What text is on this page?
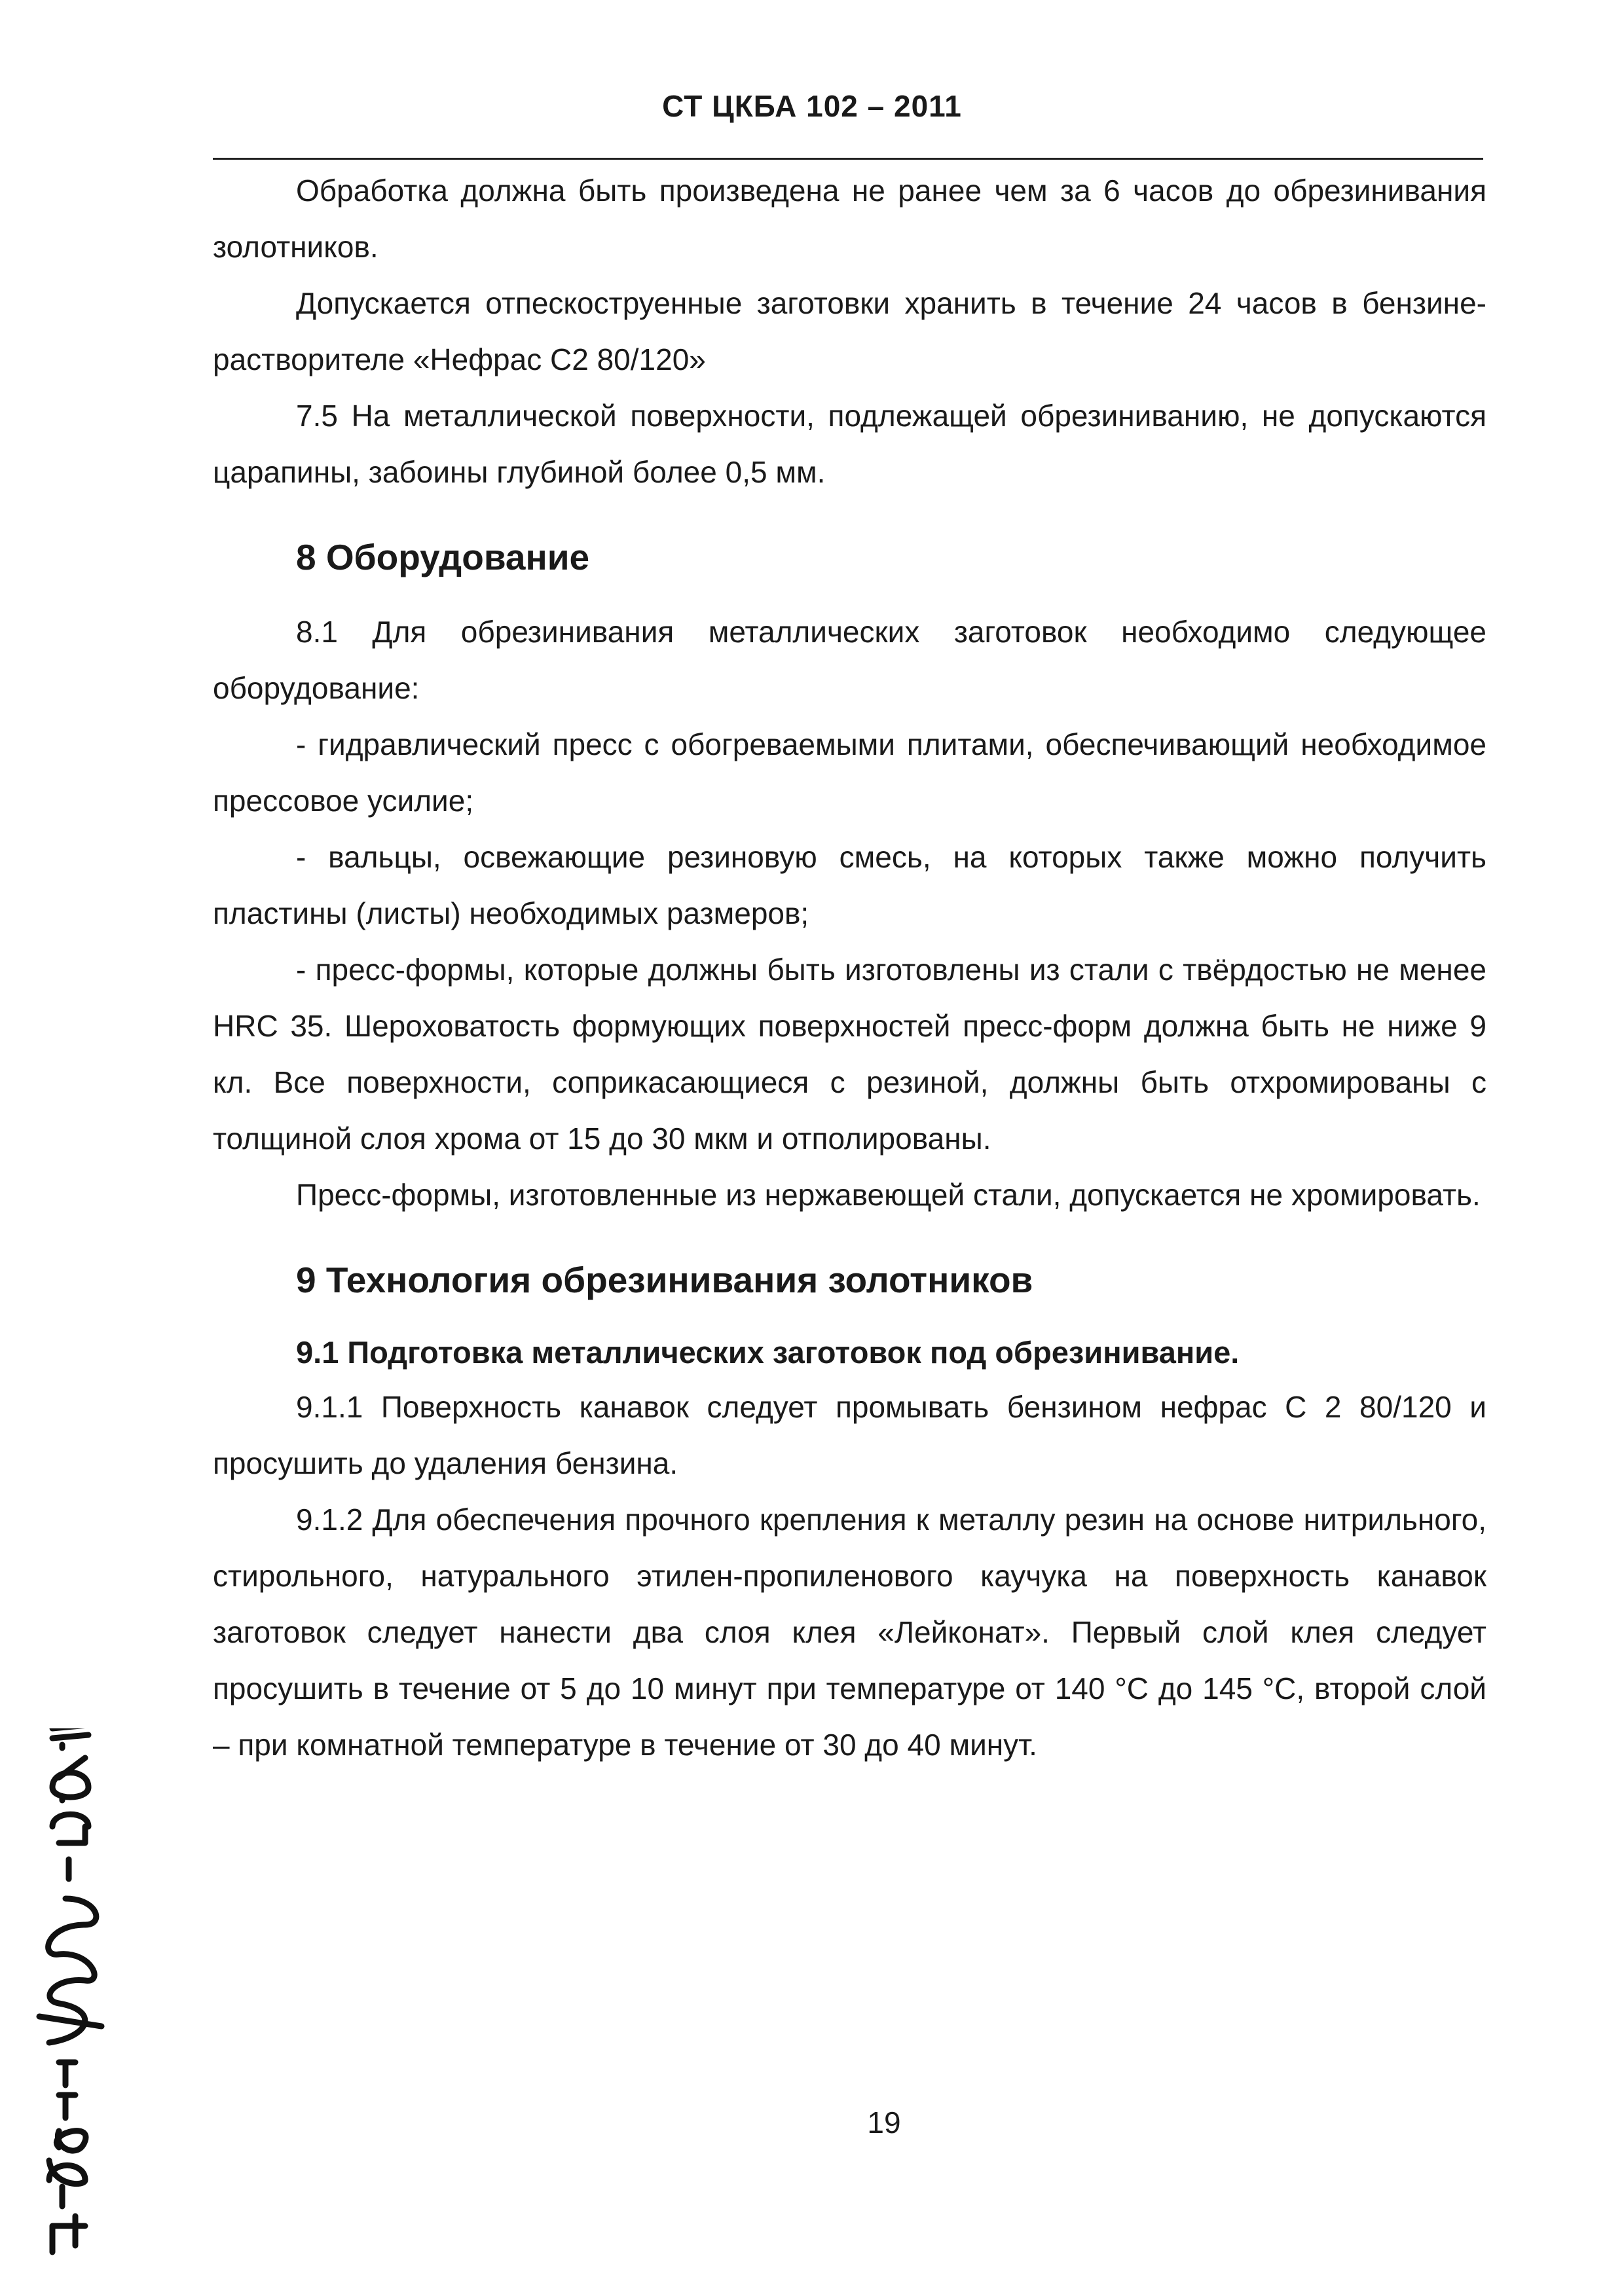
СТ ЦКБА 102 – 2011

Обработка должна быть произведена не ранее чем за 6 часов до обрезинивания золотников.

Допускается отпескоструенные заготовки хранить в течение 24 часов в бензине-растворителе «Нефрас С2 80/120»

7.5 На металлической поверхности, подлежащей обрезиниванию, не допускаются царапины, забоины глубиной более 0,5 мм.

8 Оборудование

8.1 Для обрезинивания металлических заготовок необходимо следующее оборудование:

- гидравлический пресс с обогреваемыми плитами, обеспечивающий необходимое прессовое усилие;

- вальцы, освежающие резиновую смесь, на которых также можно получить пластины (листы) необходимых размеров;

- пресс-формы, которые должны быть изготовлены из стали с твёрдостью не менее HRC 35. Шероховатость формующих поверхностей пресс-форм должна быть не ниже 9 кл. Все поверхности, соприкасающиеся с резиной, должны быть отхромированы с толщиной слоя хрома от 15 до 30 мкм и отполированы.

Пресс-формы, изготовленные из нержавеющей стали, допускается не хромировать.

9 Технология обрезинивания золотников
9.1 Подготовка металлических заготовок под обрезинивание.

9.1.1 Поверхность канавок следует промывать бензином нефрас С 2 80/120 и просушить до удаления бензина.

9.1.2 Для обеспечения прочного крепления к металлу резин на основе нитрильного, стирольного, натурального этилен-пропиленового каучука на поверхность канавок заготовок следует нанести два слоя клея «Лейконат». Первый слой клея следует просушить в течение от 5 до 10 минут при температуре от 140 °С до 145 °С, второй слой – при комнатной температуре в течение от 30 до 40 минут.

19
